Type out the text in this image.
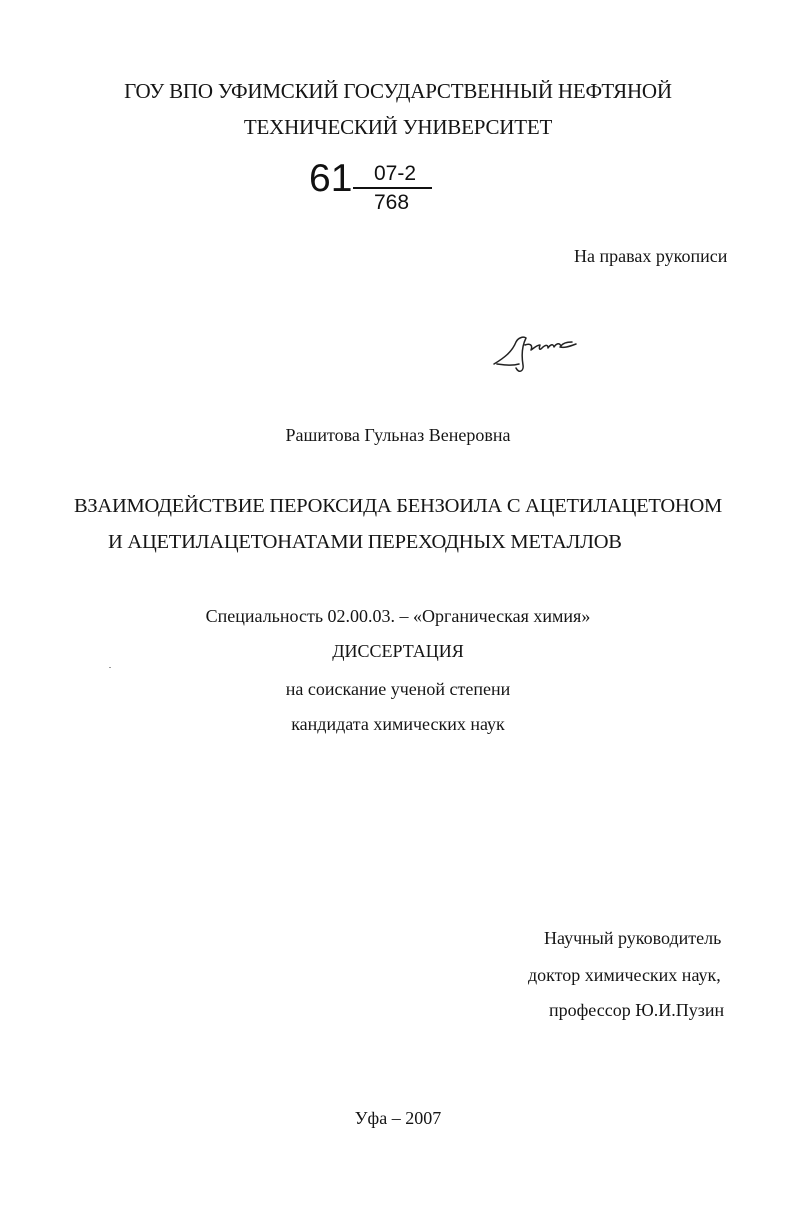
ГОУ ВПО УФИМСКИЙ ГОСУДАРСТВЕННЫЙ НЕФТЯНОЙ
ТЕХНИЧЕСКИЙ УНИВЕРСИТЕТ
61 07-2
768
На правах рукописи
Рашитова Гульназ Венеровна
ВЗАИМОДЕЙСТВИЕ ПЕРОКСИДА БЕНЗОИЛА С АЦЕТИЛАЦЕТОНОМ
И АЦЕТИЛАЦЕТОНАТАМИ ПЕРЕХОДНЫХ МЕТАЛЛОВ
Специальность 02.00.03. – «Органическая химия»
ДИССЕРТАЦИЯ
на соискание ученой степени
кандидата химических наук
Научный руководитель
доктор химических наук,
профессор Ю.И.Пузин
Уфа – 2007
